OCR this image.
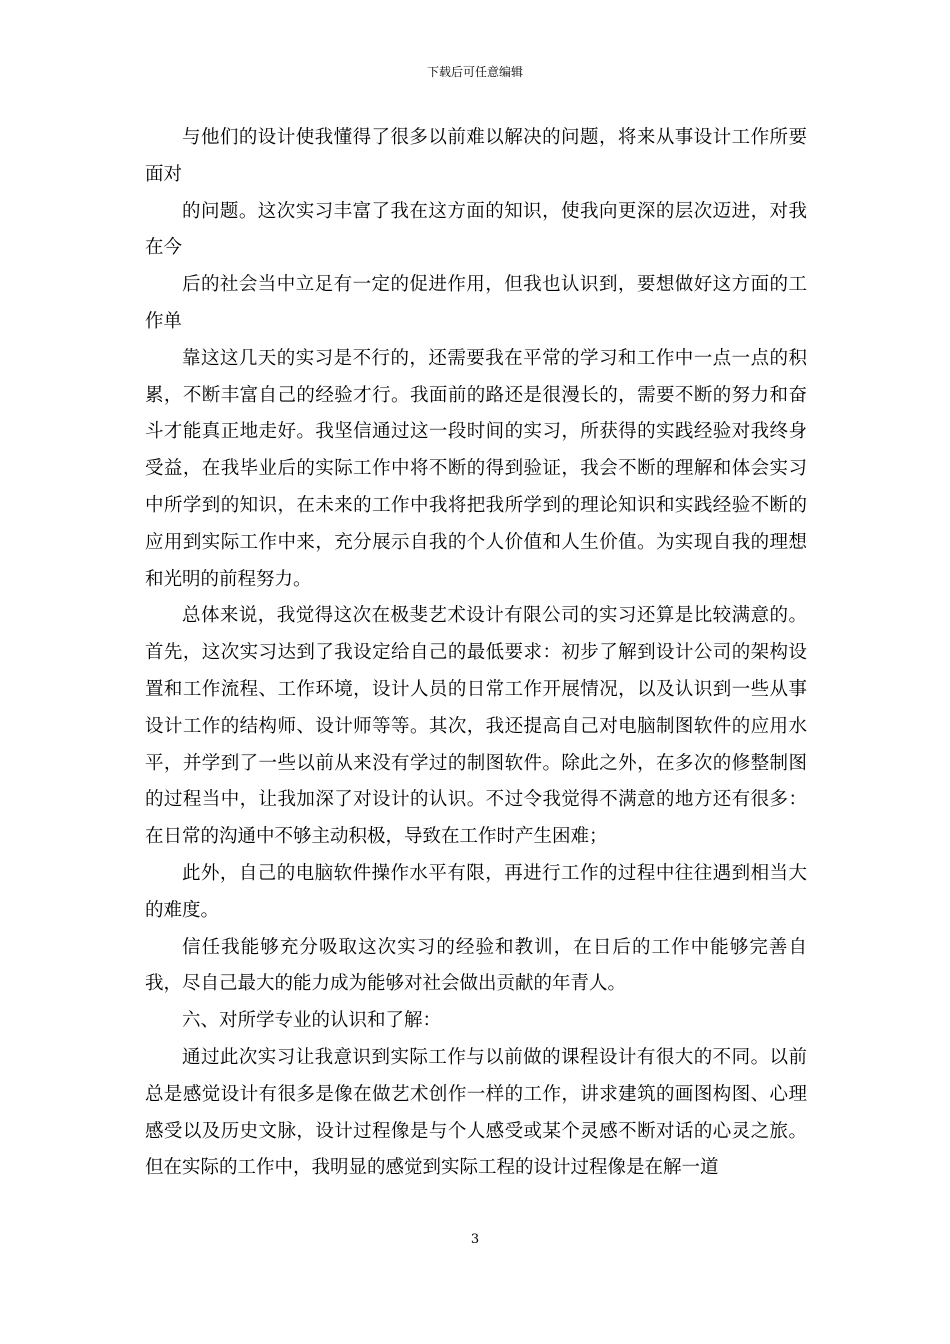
下载后可任意编辑

与他们的设计使我懂得了很多以前难以解决的问题，将来从事设计工作所要面对

的问题。这次实习丰富了我在这方面的知识，使我向更深的层次迈进，对我在今

后的社会当中立足有一定的促进作用，但我也认识到，要想做好这方面的工作单

靠这这几天的实习是不行的，还需要我在平常的学习和工作中一点一点的积累，不断丰富自己的经验才行。我面前的路还是很漫长的，需要不断的努力和奋斗才能真正地走好。我坚信通过这一段时间的实习，所获得的实践经验对我终身受益，在我毕业后的实际工作中将不断的得到验证，我会不断的理解和体会实习中所学到的知识，在未来的工作中我将把我所学到的理论知识和实践经验不断的应用到实际工作中来，充分展示自我的个人价值和人生价值。为实现自我的理想和光明的前程努力。

总体来说，我觉得这次在极斐艺术设计有限公司的实习还算是比较满意的。首先，这次实习达到了我设定给自己的最低要求：初步了解到设计公司的架构设置和工作流程、工作环境，设计人员的日常工作开展情况，以及认识到一些从事设计工作的结构师、设计师等等。其次，我还提高自己对电脑制图软件的应用水平，并学到了一些以前从来没有学过的制图软件。除此之外，在多次的修整制图的过程当中，让我加深了对设计的认识。不过令我觉得不满意的地方还有很多：在日常的沟通中不够主动积极，导致在工作时产生困难；

此外，自己的电脑软件操作水平有限，再进行工作的过程中往往遇到相当大的难度。

信任我能够充分吸取这次实习的经验和教训，在日后的工作中能够完善自我，尽自己最大的能力成为能够对社会做出贡献的年青人。

六、对所学专业的认识和了解：

通过此次实习让我意识到实际工作与以前做的课程设计有很大的不同。以前总是感觉设计有很多是像在做艺术创作一样的工作，讲求建筑的画图构图、心理感受以及历史文脉，设计过程像是与个人感受或某个灵感不断对话的心灵之旅。但在实际的工作中，我明显的感觉到实际工程的设计过程像是在解一道

3
